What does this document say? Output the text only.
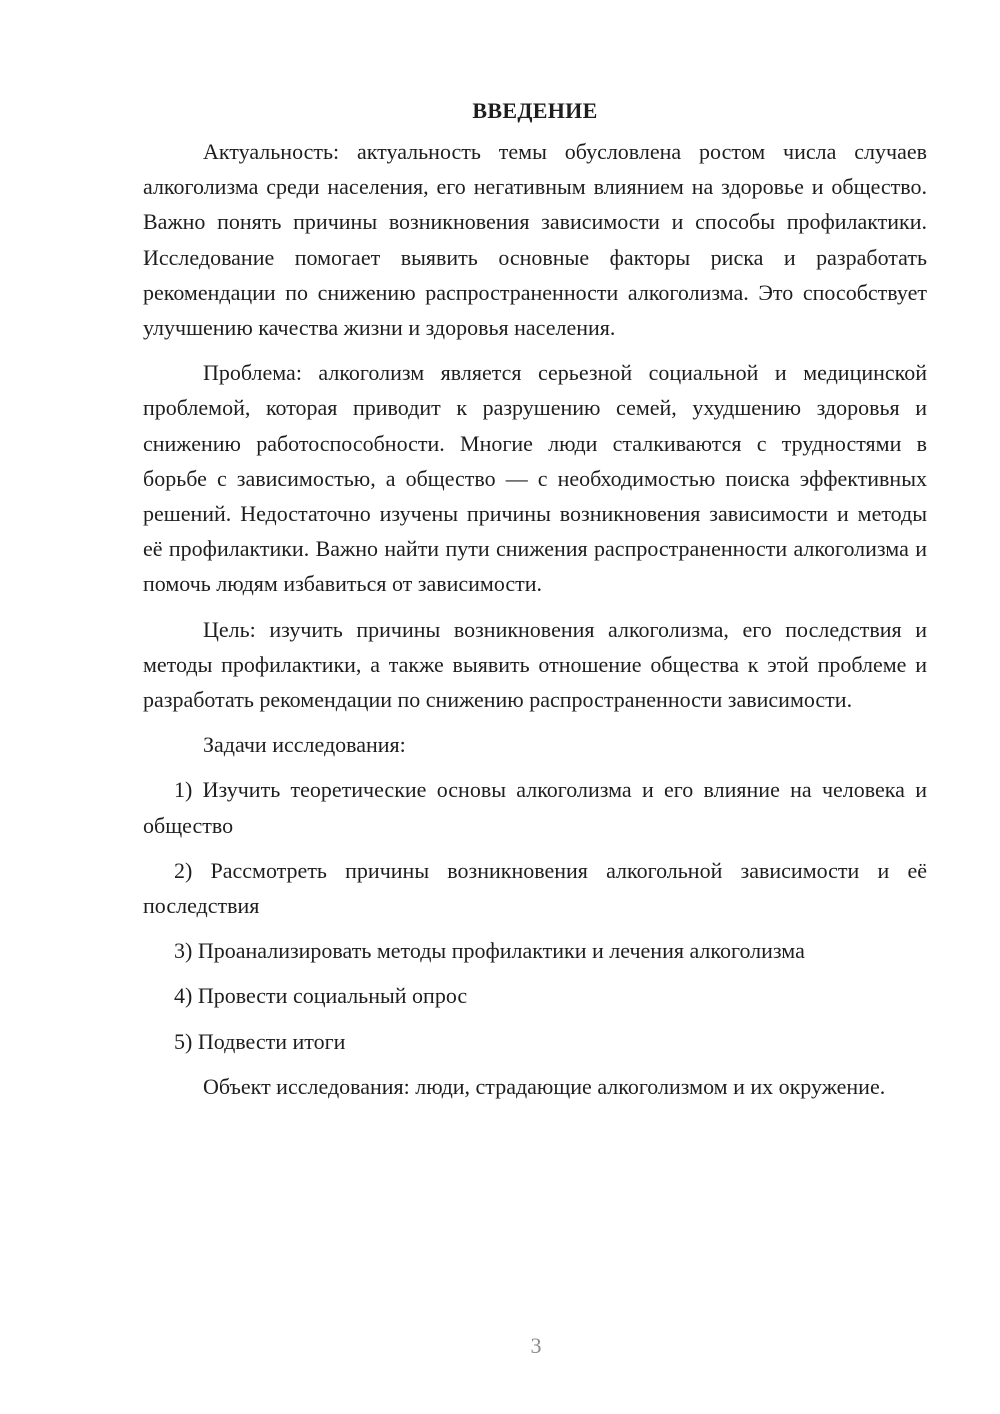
ВВЕДЕНИЕ

Актуальность: актуальность темы обусловлена ростом числа случаев алкоголизма среди населения, его негативным влиянием на здоровье и общество. Важно понять причины возникновения зависимости и способы профилактики. Исследование помогает выявить основные факторы риска и разработать рекомендации по снижению распространенности алкоголизма. Это способствует улучшению качества жизни и здоровья населения.

Проблема: алкоголизм является серьезной социальной и медицинской проблемой, которая приводит к разрушению семей, ухудшению здоровья и снижению работоспособности. Многие люди сталкиваются с трудностями в борьбе с зависимостью, а общество — с необходимостью поиска эффективных решений. Недостаточно изучены причины возникновения зависимости и методы её профилактики. Важно найти пути снижения распространенности алкоголизма и помочь людям избавиться от зависимости.

Цель: изучить причины возникновения алкоголизма, его последствия и методы профилактики, а также выявить отношение общества к этой проблеме и разработать рекомендации по снижению распространенности зависимости.

Задачи исследования:

1) Изучить теоретические основы алкоголизма и его влияние на человека и общество
2) Рассмотреть причины возникновения алкогольной зависимости и её последствия
3) Проанализировать методы профилактики и лечения алкоголизма
4) Провести социальный опрос
5) Подвести итоги

Объект исследования: люди, страдающие алкоголизмом и их окружение.

3
